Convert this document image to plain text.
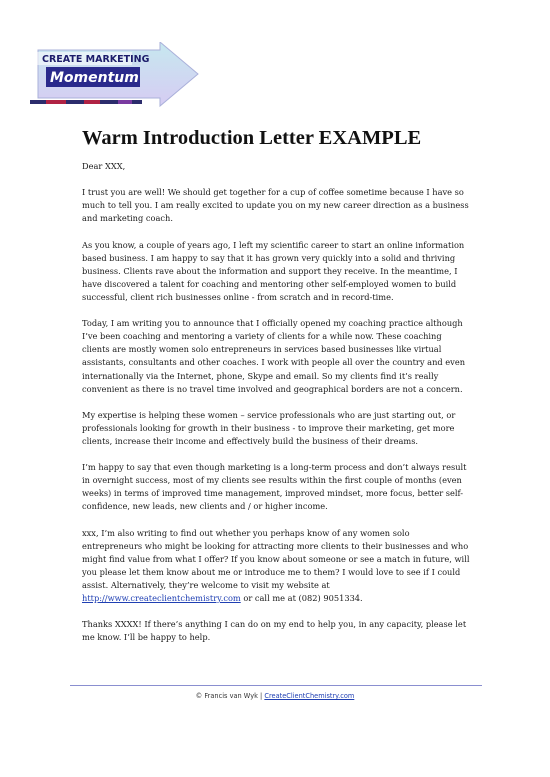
CREATE MARKETING
Momentum
Warm Introduction Letter EXAMPLE

Dear XXX,

I trust you are well! We should get together for a cup of coffee sometime because I have so much to tell you. I am really excited to update you on my new career direction as a business and marketing coach.

As you know, a couple of years ago, I left my scientific career to start an online information based business. I am happy to say that it has grown very quickly into a solid and thriving business. Clients rave about the information and support they receive. In the meantime, I have discovered a talent for coaching and mentoring other self-employed women to build successful, client rich businesses online - from scratch and in record-time.

Today, I am writing you to announce that I officially opened my coaching practice although I’ve been coaching and mentoring a variety of clients for a while now. These coaching clients are mostly women solo entrepreneurs in services based businesses like virtual assistants, consultants and other coaches. I work with people all over the country and even internationally via the Internet, phone, Skype and email. So my clients find it’s really convenient as there is no travel time involved and geographical borders are not a concern.

My expertise is helping these women – service professionals who are just starting out, or professionals looking for growth in their business - to improve their marketing, get more clients, increase their income and effectively build the business of their dreams.

I’m happy to say that even though marketing is a long-term process and don’t always result in overnight success, most of my clients see results within the first couple of months (even weeks) in terms of improved time management, improved mindset, more focus, better self-confidence, new leads, new clients and / or higher income.

xxx, I’m also writing to find out whether you perhaps know of any women solo entrepreneurs who might be looking for attracting more clients to their businesses and who might find value from what I offer? If you know about someone or see a match in future, will you please let them know about me or introduce me to them? I would love to see if I could assist. Alternatively, they’re welcome to visit my website at http://www.createclientchemistry.com or call me at (082) 9051334.

Thanks XXXX! If there’s anything I can do on my end to help you, in any capacity, please let me know. I’ll be happy to help.

© Francis van Wyk | CreateClientChemistry.com
